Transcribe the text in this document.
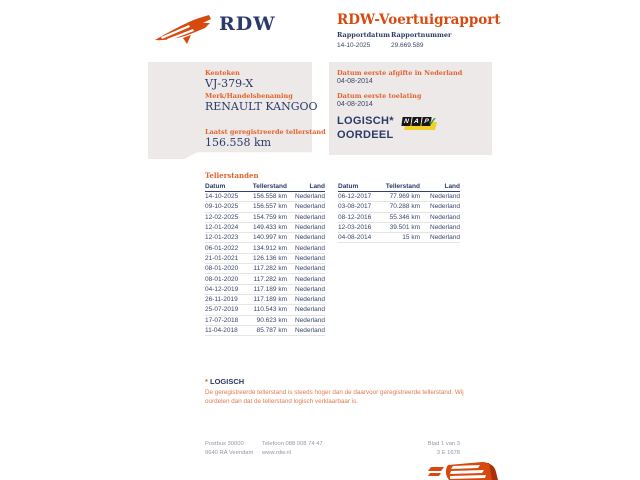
RDW	RDW-Voertuigrapport
Rapportdatum
14-10-2025
Rapportnummer
29.669.589
Kenteken
VJ-379-X
Merk/Handelsbenaming
RENAULT KANGOO
Laatst geregistreerde tellerstand
156.558 km
Datum eerste afgifte in Nederland
04-08-2014
Datum eerste toelating
04-08-2014
LOGISCH*
OORDEEL
N A P
✓
Tellerstanden
Datum	Tellerstand	Land
14-10-2025	156.558 km	Nederland
09-10-2025	156.557 km	Nederland
12-02-2025	154.759 km	Nederland
12-01-2024	149.433 km	Nederland
12-01-2023	140.997 km	Nederland
06-01-2022	134.912 km	Nederland
21-01-2021	126.136 km	Nederland
08-01-2020	117.282 km	Nederland
08-01-2020	117.282 km	Nederland
04-12-2019	117.189 km	Nederland
26-11-2019	117.189 km	Nederland
25-07-2019	110.543 km	Nederland
17-07-2018	90.623 km	Nederland
11-04-2018	85.787 km	Nederland
Datum	Tellerstand	Land
06-12-2017	77.969 km	Nederland
03-08-2017	70.288 km	Nederland
08-12-2016	55.346 km	Nederland
12-03-2016	39.501 km	Nederland
04-08-2014	15 km	Nederland
* LOGISCH
De geregistreerde tellerstand is steeds hoger dan de daarvoor geregistreerde tellerstand. Wij oordelen dan dat de tellerstand logisch verklaarbaar is.
Postbus 30000
9640 RA Veendam
Telefoon 088 008 74 47
www.rdw.nl
Blad 1 van 3
3 E 1678
